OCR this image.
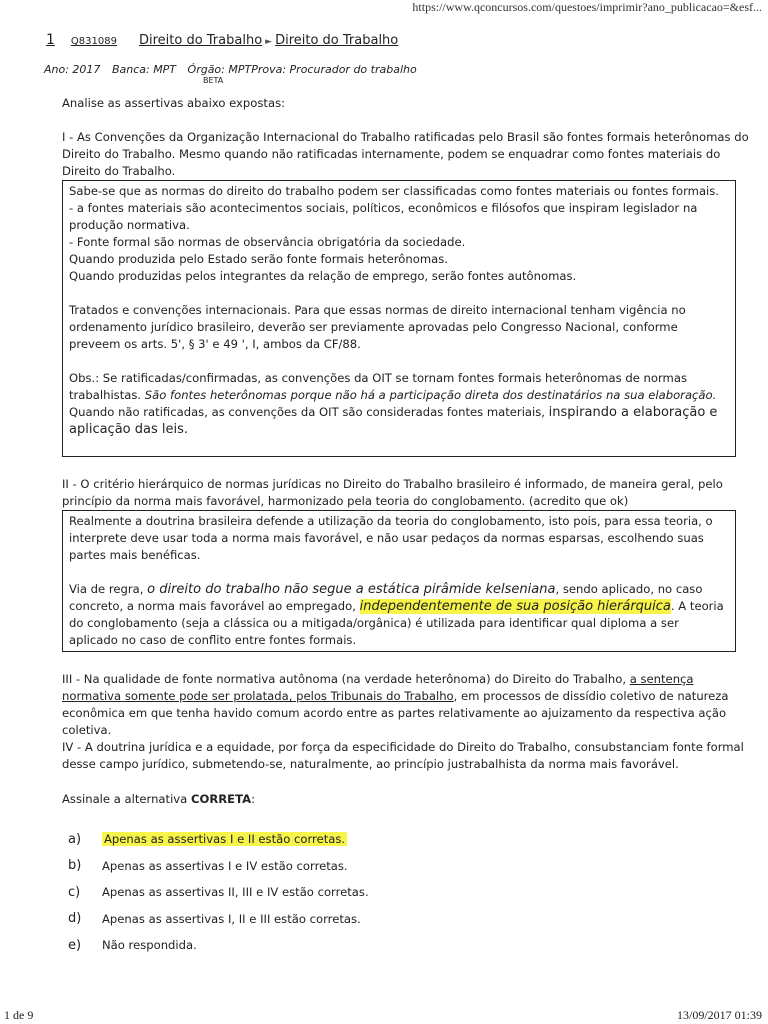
https://www.qconcursos.com/questoes/imprimir?ano_publicacao=&esf...
1 Q831089 Direito do Trabalho ► Direito do Trabalho
Ano: 2017 Banca: MPT Órgão: MPTProva: Procurador do trabalho
BETA
Analise as assertivas abaixo expostas:
I - As Convenções da Organização Internacional do Trabalho ratificadas pelo Brasil são fontes formais heterônomas do Direito do Trabalho. Mesmo quando não ratificadas internamente, podem se enquadrar como fontes materiais do Direito do Trabalho.
Sabe-se que as normas do direito do trabalho podem ser classificadas como fontes materiais ou fontes formais.
- a fontes materiais são acontecimentos sociais, políticos, econômicos e filósofos que inspiram legislador na produção normativa.
- Fonte formal são normas de observância obrigatória da sociedade.
Quando produzida pelo Estado serão fonte formais heterônomas.
Quando produzidas pelos integrantes da relação de emprego, serão fontes autônomas.
Tratados e convenções internacionais. Para que essas normas de direito internacional tenham vigência no ordenamento jurídico brasileiro, deverão ser previamente aprovadas pelo Congresso Nacional, conforme preveem os arts. 5', § 3' e 49 ', I, ambos da CF/88.
Obs.: Se ratificadas/confirmadas, as convenções da OIT se tornam fontes formais heterônomas de normas trabalhistas. São fontes heterônomas porque não há a participação direta dos destinatários na sua elaboração. Quando não ratificadas, as convenções da OIT são consideradas fontes materiais, inspirando a elaboração e aplicação das leis.
II - O critério hierárquico de normas jurídicas no Direito do Trabalho brasileiro é informado, de maneira geral, pelo princípio da norma mais favorável, harmonizado pela teoria do conglobamento. (acredito que ok)
Realmente a doutrina brasileira defende a utilização da teoria do conglobamento, isto pois, para essa teoria, o interprete deve usar toda a norma mais favorável, e não usar pedaços da normas esparsas, escolhendo suas partes mais benéficas.
Via de regra, o direito do trabalho não segue a estática pirâmide kelseniana, sendo aplicado, no caso concreto, a norma mais favorável ao empregado, independentemente de sua posição hierárquica. A teoria do conglobamento (seja a clássica ou a mitigada/orgânica) é utilizada para identificar qual diploma a ser aplicado no caso de conflito entre fontes formais.
III - Na qualidade de fonte normativa autônoma (na verdade heterônoma) do Direito do Trabalho, a sentença normativa somente pode ser prolatada, pelos Tribunais do Trabalho, em processos de dissídio coletivo de natureza econômica em que tenha havido comum acordo entre as partes relativamente ao ajuizamento da respectiva ação coletiva.
IV - A doutrina jurídica e a equidade, por força da especificidade do Direito do Trabalho, consubstanciam fonte formal desse campo jurídico, submetendo-se, naturalmente, ao princípio justrabalhista da norma mais favorável.
Assinale a alternativa CORRETA:
a)	Apenas as assertivas I e II estão corretas.
b)	Apenas as assertivas I e IV estão corretas.
c)	Apenas as assertivas II, III e IV estão corretas.
d)	Apenas as assertivas I, II e III estão corretas.
e)	Não respondida.
1 de 9	13/09/2017 01:39
